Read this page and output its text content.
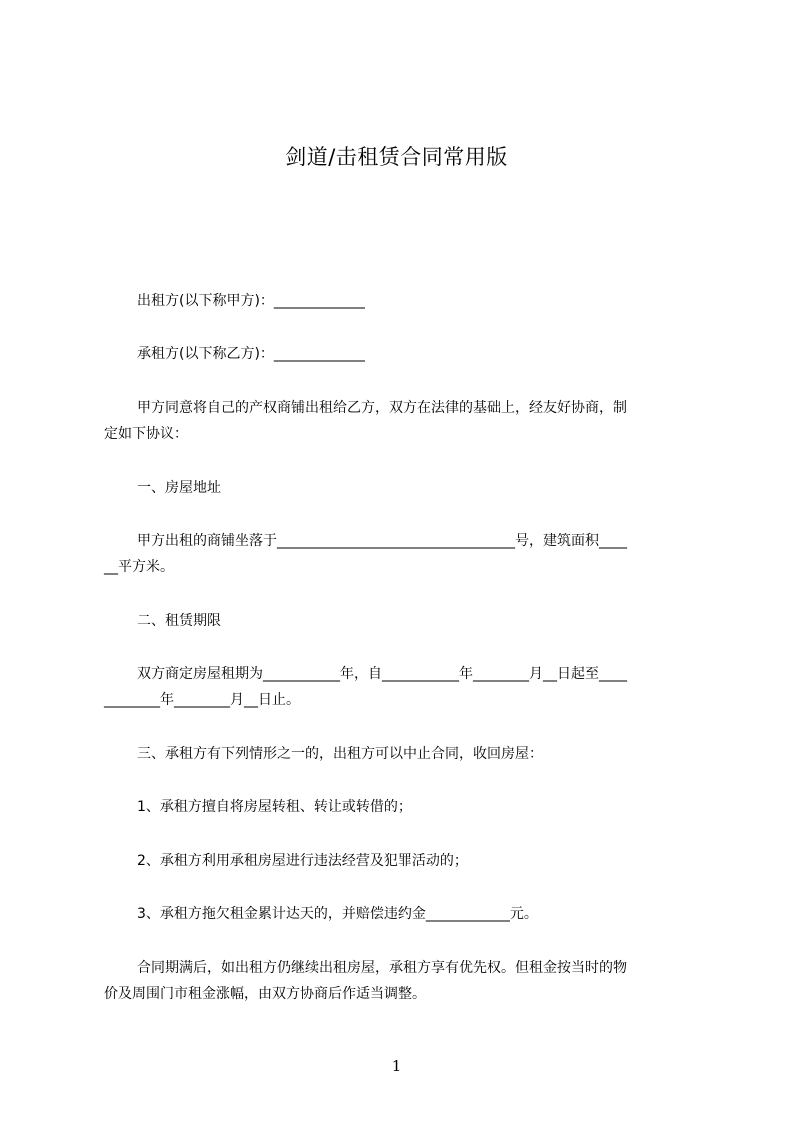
剑道/击租赁合同常用版
出租方(以下称甲方)：_____________
承租方(以下称乙方)：_____________
甲方同意将自己的产权商铺出租给乙方，双方在法律的基础上，经友好协商，制
定如下协议：
一、房屋地址
甲方出租的商铺坐落于__________________________________号，建筑面积____
__平方米。
二、租赁期限
双方商定房屋租期为___________年，自___________年________月__日起至____
________年________月__日止。
三、承租方有下列情形之一的，出租方可以中止合同，收回房屋：
1、承租方擅自将房屋转租、转让或转借的；
2、承租方利用承租房屋进行违法经营及犯罪活动的；
3、承租方拖欠租金累计达天的，并赔偿违约金____________元。
合同期满后，如出租方仍继续出租房屋，承租方享有优先权。但租金按当时的物
价及周围门市租金涨幅，由双方协商后作适当调整。
1
